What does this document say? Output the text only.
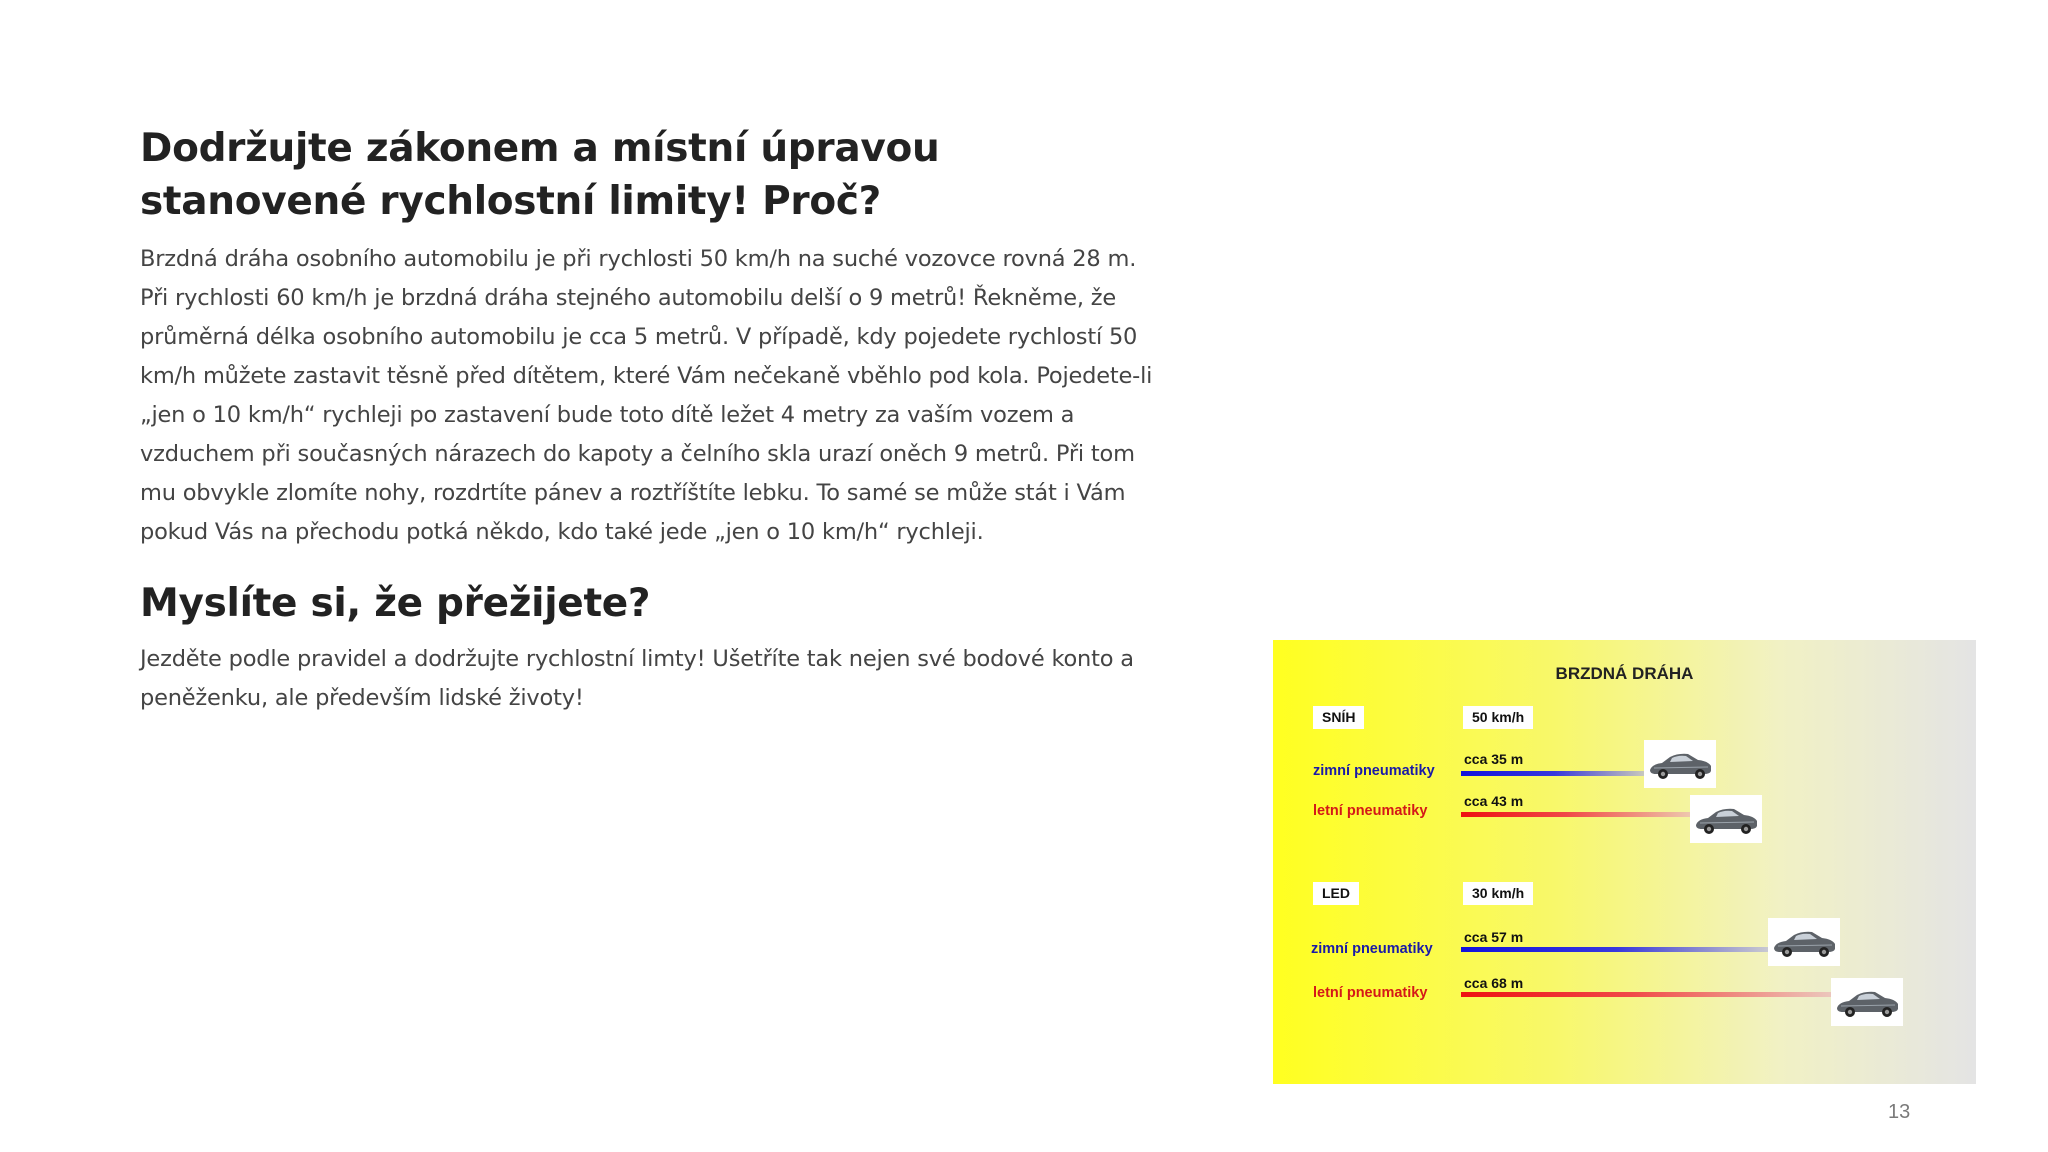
Dodržujte zákonem a místní úpravou stanovené rychlostní limity! Proč?
Brzdná dráha osobního automobilu je při rychlosti 50 km/h na suché vozovce rovná 28 m.
Při rychlosti 60 km/h je brzdná dráha stejného automobilu delší o 9 metrů! Řekněme, že
průměrná délka osobního automobilu je cca 5 metrů. V případě, kdy pojedete rychlostí 50
km/h můžete zastavit těsně před dítětem, které Vám nečekaně vběhlo pod kola. Pojedete-li
„jen o 10 km/h“ rychleji po zastavení bude toto dítě ležet 4 metry za vaším vozem a
vzduchem při současných nárazech do kapoty a čelního skla urazí oněch 9 metrů. Při tom
mu obvykle zlomíte nohy, rozdrtíte pánev a roztříštíte lebku. To samé se může stát i Vám
pokud Vás na přechodu potká někdo, kdo také jede „jen o 10 km/h“ rychleji.
Myslíte si, že přežijete?
Jezděte podle pravidel a dodržujte rychlostní limty! Ušetříte tak nejen své bodové konto a
peněženku, ale především lidské životy!
BRZDNÁ DRÁHA
SNÍH	50 km/h
zimní pneumatiky
cca 35 m
letní pneumatiky
cca 43 m
LED	30 km/h
zimní pneumatiky
cca 57 m
letní pneumatiky
cca 68 m
13
